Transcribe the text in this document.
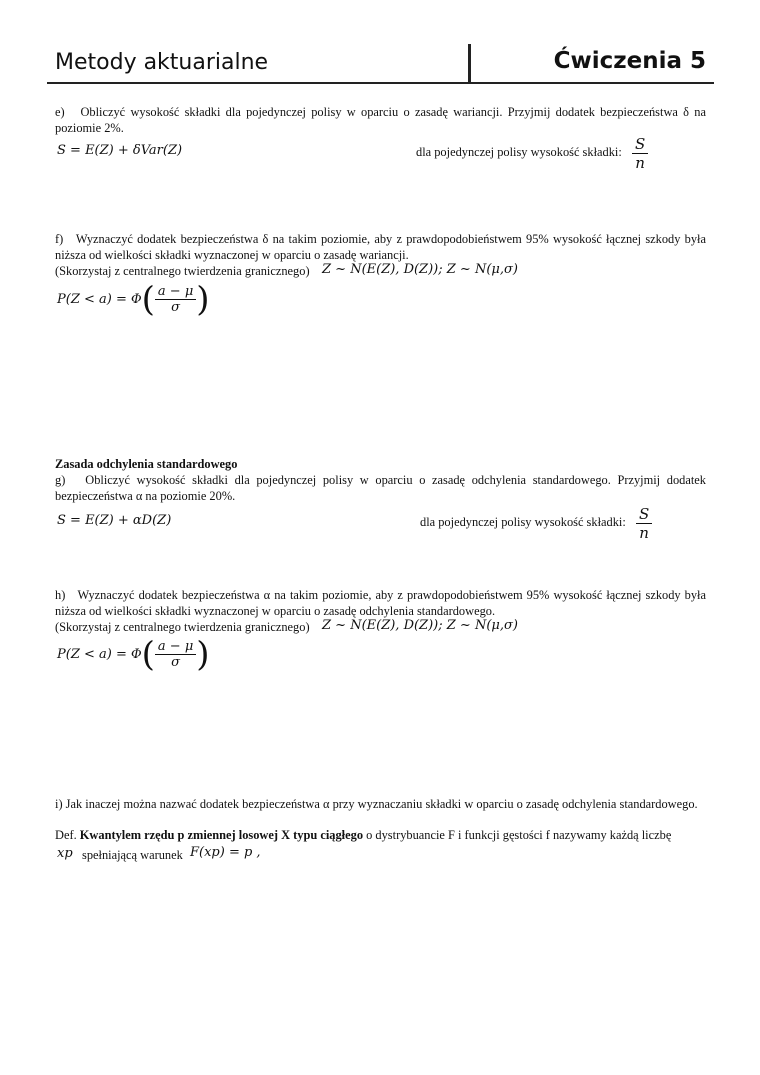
Metody aktuarialne	Ćwiczenia 5
e)   Obliczyć wysokość składki dla pojedynczej polisy w oparciu o zasadę wariancji. Przyjmij dodatek bezpieczeństwa δ na poziomie 2%.
S = E(Z) + δVar(Z)	dla pojedynczej polisy wysokość składki: $\frac{S}{n}$
f)   Wyznaczyć dodatek bezpieczeństwa δ na takim poziomie, aby z prawdopodobieństwem 95% wysokość łącznej szkody była niższa od wielkości składki wyznaczonej w oparciu o zasadę wariancji.
(Skorzystaj z centralnego twierdzenia granicznego) Z ~ N(E(Z), D(Z)); Z ~ N(μ,σ)
$P(Z < a) = \Phi( \frac{a - \mu}{\sigma}$ )
Zasada odchylenia standardowego
g)   Obliczyć wysokość składki dla pojedynczej polisy w oparciu o zasadę odchylenia standardowego. Przyjmij dodatek bezpieczeństwa α na poziomie 20%.
S = E(Z) + αD(Z)	dla pojedynczej polisy wysokość składki: $\frac{S}{n}$
h)   Wyznaczyć dodatek bezpieczeństwa α na takim poziomie, aby z prawdopodobieństwem 95% wysokość łącznej szkody była niższa od wielkości składki wyznaczonej w oparciu o zasadę odchylenia standardowego.
(Skorzystaj z centralnego twierdzenia granicznego) Z ~ N(E(Z), D(Z)); Z ~ N(μ,σ)
$P(Z < a) = \Phi( \frac{a - \mu}{\sigma}$ )
i) Jak inaczej można nazwać dodatek bezpieczeństwa α przy wyznaczaniu składki w oparciu o zasadę odchylenia standardowego.
Def. Kwantylem rzędu p zmiennej losowej X typu ciągłego o dystrybuancie F i funkcji gęstości f nazywamy każdą liczbę
xp spełniającą warunek F(xp) = p ,
